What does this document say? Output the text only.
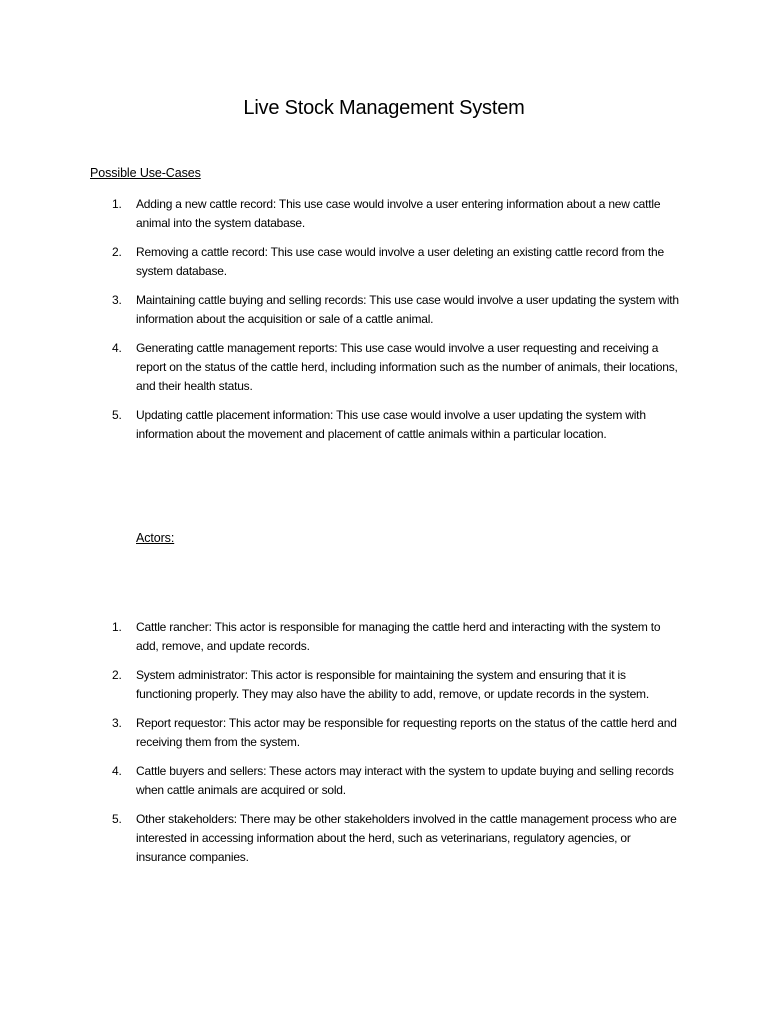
Live Stock Management System
Possible Use-Cases
1. Adding a new cattle record: This use case would involve a user entering information about a new cattle animal into the system database.
2. Removing a cattle record: This use case would involve a user deleting an existing cattle record from the system database.
3. Maintaining cattle buying and selling records: This use case would involve a user updating the system with information about the acquisition or sale of a cattle animal.
4. Generating cattle management reports: This use case would involve a user requesting and receiving a report on the status of the cattle herd, including information such as the number of animals, their locations, and their health status.
5. Updating cattle placement information: This use case would involve a user updating the system with information about the movement and placement of cattle animals within a particular location.
Actors:
1. Cattle rancher: This actor is responsible for managing the cattle herd and interacting with the system to add, remove, and update records.
2. System administrator: This actor is responsible for maintaining the system and ensuring that it is functioning properly. They may also have the ability to add, remove, or update records in the system.
3. Report requestor: This actor may be responsible for requesting reports on the status of the cattle herd and receiving them from the system.
4. Cattle buyers and sellers: These actors may interact with the system to update buying and selling records when cattle animals are acquired or sold.
5. Other stakeholders: There may be other stakeholders involved in the cattle management process who are interested in accessing information about the herd, such as veterinarians, regulatory agencies, or insurance companies.
